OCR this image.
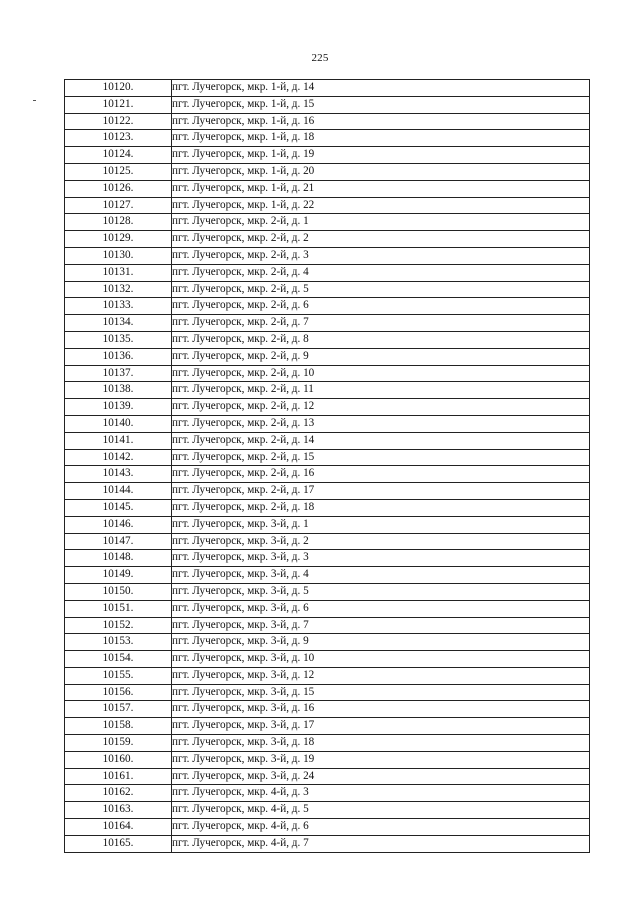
225
10120.	пгт. Лучегорск, мкр. 1-й, д. 14
10121.	пгт. Лучегорск, мкр. 1-й, д. 15
10122.	пгт. Лучегорск, мкр. 1-й, д. 16
10123.	пгт. Лучегорск, мкр. 1-й, д. 18
10124.	пгт. Лучегорск, мкр. 1-й, д. 19
10125.	пгт. Лучегорск, мкр. 1-й, д. 20
10126.	пгт. Лучегорск, мкр. 1-й, д. 21
10127.	пгт. Лучегорск, мкр. 1-й, д. 22
10128.	пгт. Лучегорск, мкр. 2-й, д. 1
10129.	пгт. Лучегорск, мкр. 2-й, д. 2
10130.	пгт. Лучегорск, мкр. 2-й, д. 3
10131.	пгт. Лучегорск, мкр. 2-й, д. 4
10132.	пгт. Лучегорск, мкр. 2-й, д. 5
10133.	пгт. Лучегорск, мкр. 2-й, д. 6
10134.	пгт. Лучегорск, мкр. 2-й, д. 7
10135.	пгт. Лучегорск, мкр. 2-й, д. 8
10136.	пгт. Лучегорск, мкр. 2-й, д. 9
10137.	пгт. Лучегорск, мкр. 2-й, д. 10
10138.	пгт. Лучегорск, мкр. 2-й, д. 11
10139.	пгт. Лучегорск, мкр. 2-й, д. 12
10140.	пгт. Лучегорск, мкр. 2-й, д. 13
10141.	пгт. Лучегорск, мкр. 2-й, д. 14
10142.	пгт. Лучегорск, мкр. 2-й, д. 15
10143.	пгт. Лучегорск, мкр. 2-й, д. 16
10144.	пгт. Лучегорск, мкр. 2-й, д. 17
10145.	пгт. Лучегорск, мкр. 2-й, д. 18
10146.	пгт. Лучегорск, мкр. 3-й, д. 1
10147.	пгт. Лучегорск, мкр. 3-й, д. 2
10148.	пгт. Лучегорск, мкр. 3-й, д. 3
10149.	пгт. Лучегорск, мкр. 3-й, д. 4
10150.	пгт. Лучегорск, мкр. 3-й, д. 5
10151.	пгт. Лучегорск, мкр. 3-й, д. 6
10152.	пгт. Лучегорск, мкр. 3-й, д. 7
10153.	пгт. Лучегорск, мкр. 3-й, д. 9
10154.	пгт. Лучегорск, мкр. 3-й, д. 10
10155.	пгт. Лучегорск, мкр. 3-й, д. 12
10156.	пгт. Лучегорск, мкр. 3-й, д. 15
10157.	пгт. Лучегорск, мкр. 3-й, д. 16
10158.	пгт. Лучегорск, мкр. 3-й, д. 17
10159.	пгт. Лучегорск, мкр. 3-й, д. 18
10160.	пгт. Лучегорск, мкр. 3-й, д. 19
10161.	пгт. Лучегорск, мкр. 3-й, д. 24
10162.	пгт. Лучегорск, мкр. 4-й, д. 3
10163.	пгт. Лучегорск, мкр. 4-й, д. 5
10164.	пгт. Лучегорск, мкр. 4-й, д. 6
10165.	пгт. Лучегорск, мкр. 4-й, д. 7
